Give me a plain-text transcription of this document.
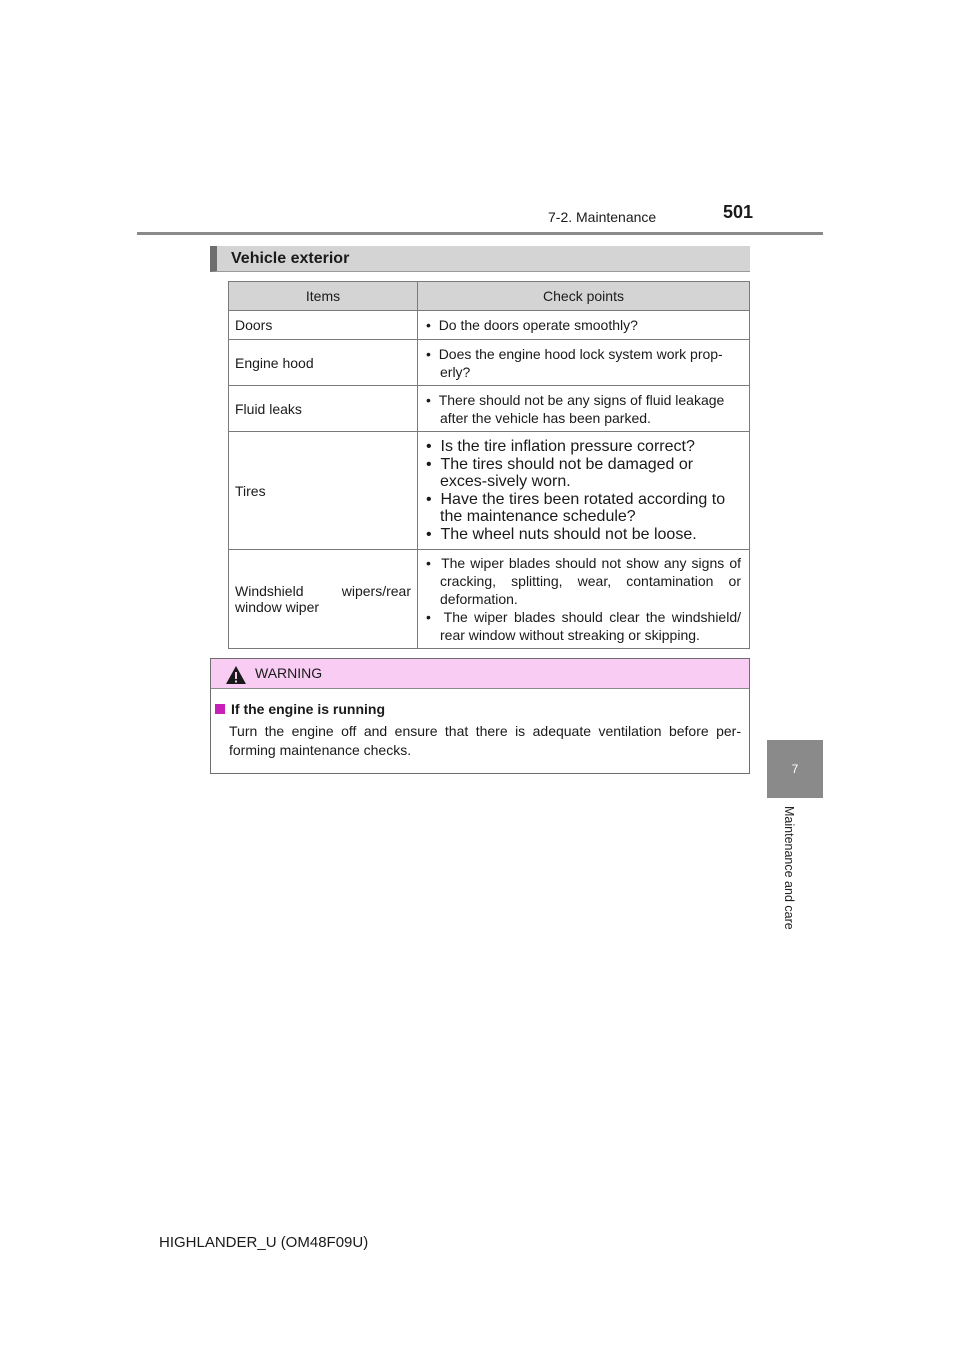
7-2. Maintenance	501
7
Maintenance and care
Vehicle exterior
Items	Check points
Doors	•  Do the doors operate smoothly?

Engine hood	•  Does the engine hood lock system work prop-erly?

Fluid leaks	•  There should not be any signs of fluid leakage after the vehicle has been parked.

Tires	•  Is the tire inflation pressure correct?

•  The tires should not be damaged or exces-sively worn.

•  Have the tires been rotated according to the maintenance schedule?

•  The wheel nuts should not be loose.

Windshield wipers/rear window wiper	•  The wiper blades should not show any signs of cracking, splitting, wear, contamination or deformation.

•  The wiper blades should clear the windshield/ rear window without streaking or skipping.

WARNING
If the engine is running
Turn the engine off and ensure that there is adequate ventilation before per-forming maintenance checks.
HIGHLANDER_U (OM48F09U)
